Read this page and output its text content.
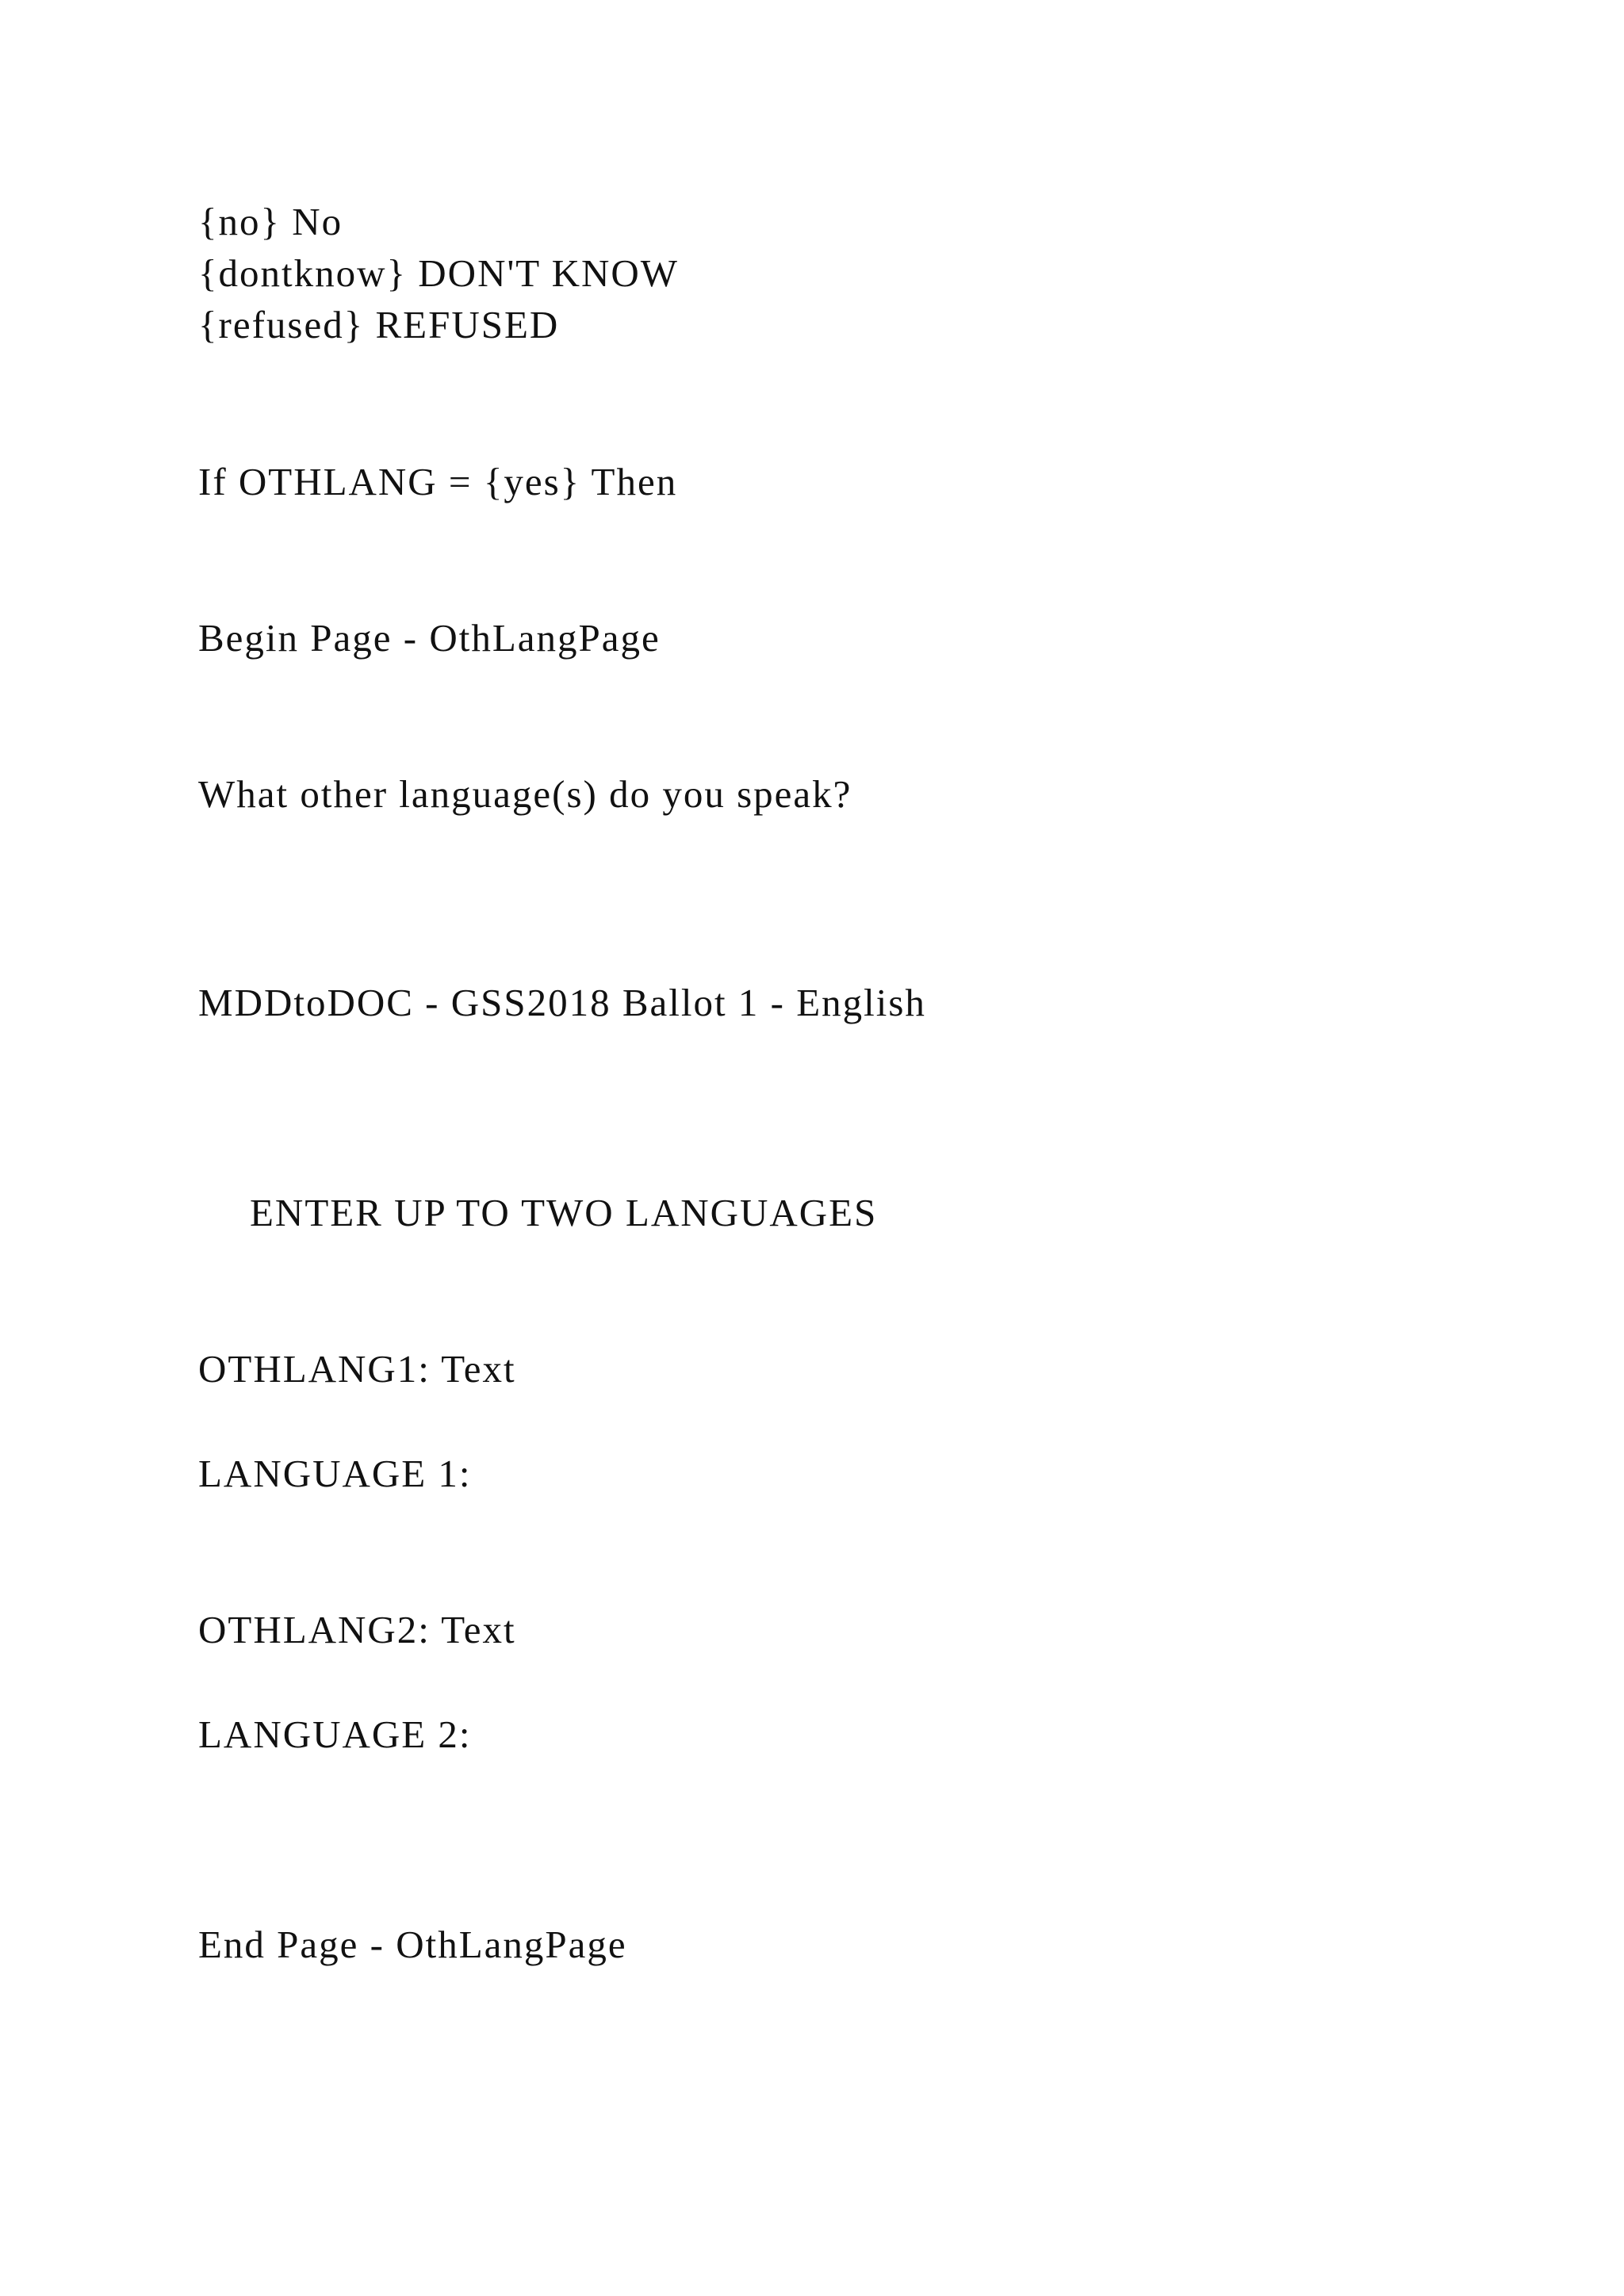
{no} No

{dontknow} DON'T KNOW

{refused} REFUSED

If OTHLANG = {yes} Then

Begin Page - OthLangPage

What other language(s) do you speak?

MDDtoDOC - GSS2018 Ballot 1 - English

ENTER UP TO TWO LANGUAGES

OTHLANG1: Text

LANGUAGE 1:

OTHLANG2: Text

LANGUAGE 2:

End Page - OthLangPage
